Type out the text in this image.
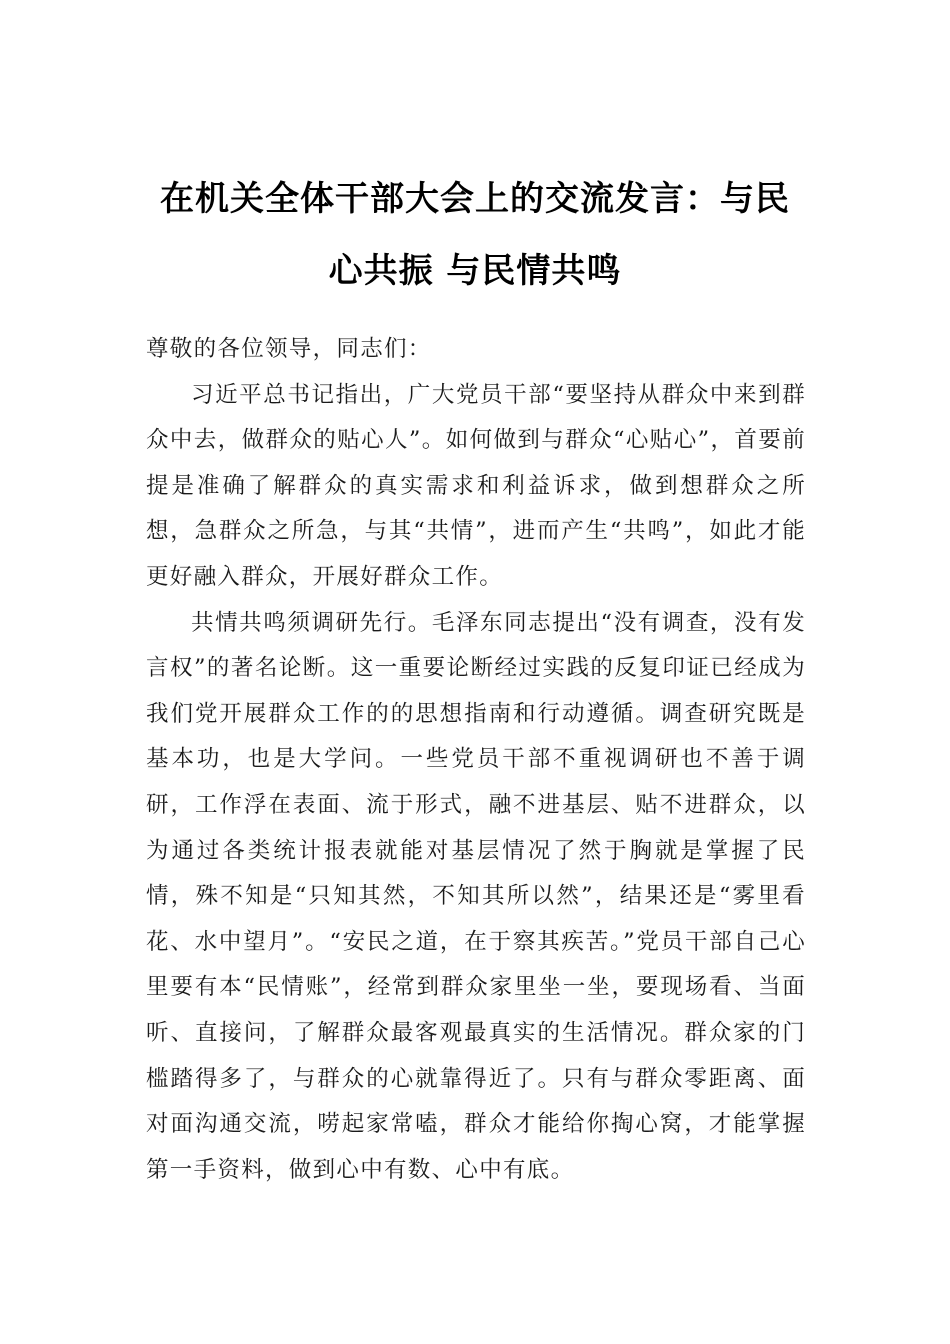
在机关全体干部大会上的交流发言：与民
心共振 与民情共鸣

尊敬的各位领导，同志们：

习近平总书记指出，广大党员干部“要坚持从群众中来到群众中去，做群众的贴心人”。如何做到与群众“心贴心”，首要前提是准确了解群众的真实需求和利益诉求，做到想群众之所想，急群众之所急，与其“共情”，进而产生“共鸣”，如此才能更好融入群众，开展好群众工作。

共情共鸣须调研先行。毛泽东同志提出“没有调查，没有发言权”的著名论断。这一重要论断经过实践的反复印证已经成为我们党开展群众工作的的思想指南和行动遵循。调查研究既是基本功，也是大学问。一些党员干部不重视调研也不善于调研，工作浮在表面、流于形式，融不进基层、贴不进群众，以为通过各类统计报表就能对基层情况了然于胸就是掌握了民情，殊不知是“只知其然，不知其所以然”，结果还是“雾里看花、水中望月”。“安民之道，在于察其疾苦。”党员干部自己心里要有本“民情账”，经常到群众家里坐一坐，要现场看、当面听、直接问，了解群众最客观最真实的生活情况。群众家的门槛踏得多了，与群众的心就靠得近了。只有与群众零距离、面对面沟通交流，唠起家常嗑，群众才能给你掏心窝，才能掌握第一手资料，做到心中有数、心中有底。
